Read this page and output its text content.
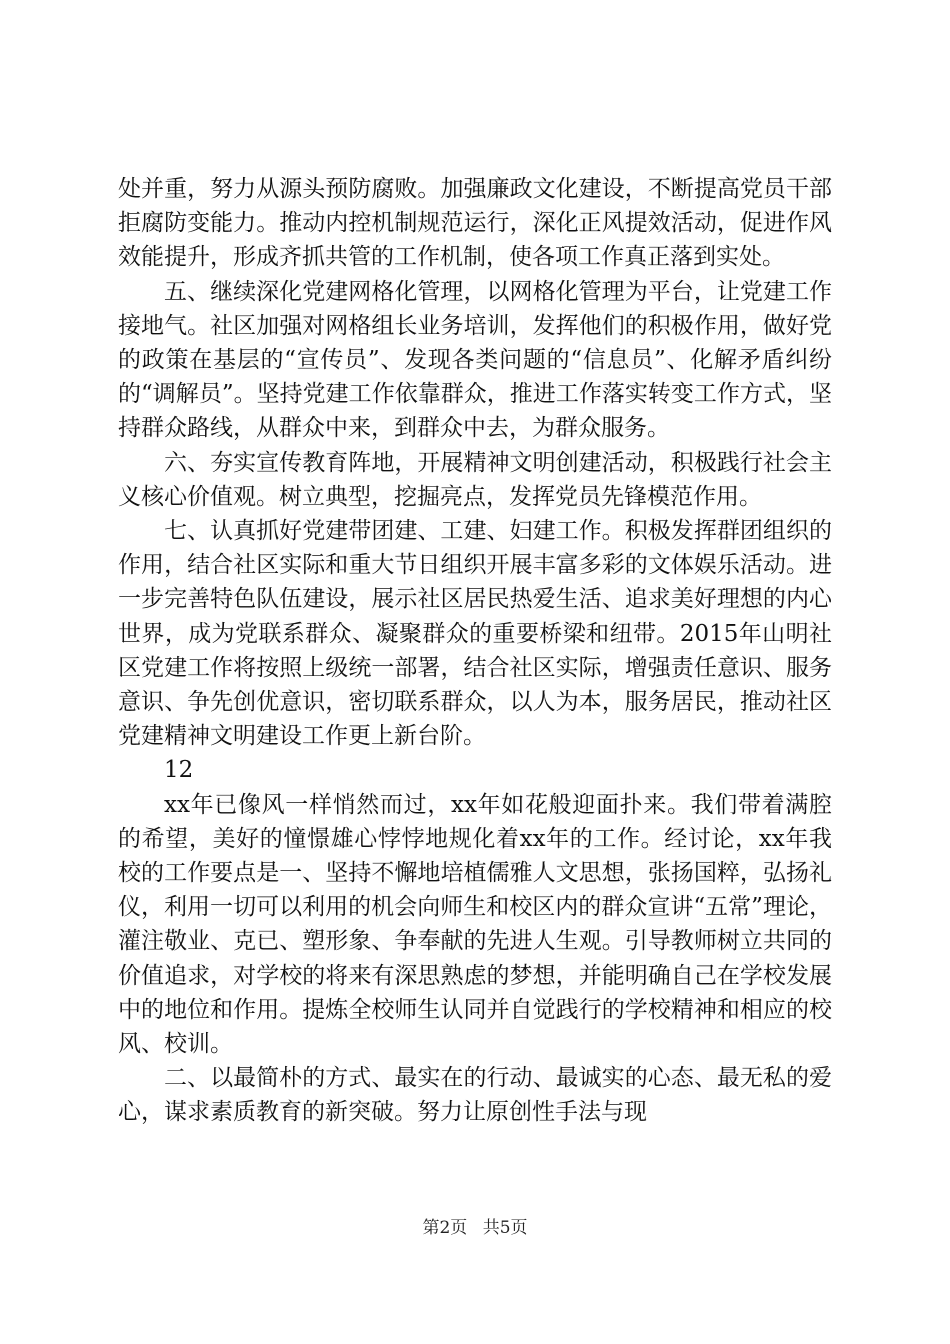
处并重，努力从源头预防腐败。加强廉政文化建设，不断提高党员干部拒腐防变能力。推动内控机制规范运行，深化正风提效活动，促进作风效能提升，形成齐抓共管的工作机制，使各项工作真正落到实处。

五、继续深化党建网格化管理，以网格化管理为平台，让党建工作接地气。社区加强对网格组长业务培训，发挥他们的积极作用，做好党的政策在基层的“宣传员”、发现各类问题的“信息员”、化解矛盾纠纷的“调解员”。坚持党建工作依靠群众，推进工作落实转变工作方式，坚持群众路线，从群众中来，到群众中去，为群众服务。

六、夯实宣传教育阵地，开展精神文明创建活动，积极践行社会主义核心价值观。树立典型，挖掘亮点，发挥党员先锋模范作用。

七、认真抓好党建带团建、工建、妇建工作。积极发挥群团组织的作用，结合社区实际和重大节日组织开展丰富多彩的文体娱乐活动。进一步完善特色队伍建设，展示社区居民热爱生活、追求美好理想的内心世界，成为党联系群众、凝聚群众的重要桥梁和纽带。2015年山明社区党建工作将按照上级统一部署，结合社区实际，增强责任意识、服务意识、争先创优意识，密切联系群众，以人为本，服务居民，推动社区党建精神文明建设工作更上新台阶。

12

xx年已像风一样悄然而过，xx年如花般迎面扑来。我们带着满腔的希望，美好的憧憬雄心悖悖地规化着xx年的工作。经讨论，xx年我校的工作要点是一、坚持不懈地培植儒雅人文思想，张扬国粹，弘扬礼仪，利用一切可以利用的机会向师生和校区内的群众宣讲“五常”理论，灌注敬业、克已、塑形象、争奉献的先进人生观。引导教师树立共同的价值追求，对学校的将来有深思熟虑的梦想，并能明确自己在学校发展中的地位和作用。提炼全校师生认同并自觉践行的学校精神和相应的校风、校训。

二、以最简朴的方式、最实在的行动、最诚实的心态、最无私的爱心，谋求素质教育的新突破。努力让原创性手法与现

第2页 共5页
